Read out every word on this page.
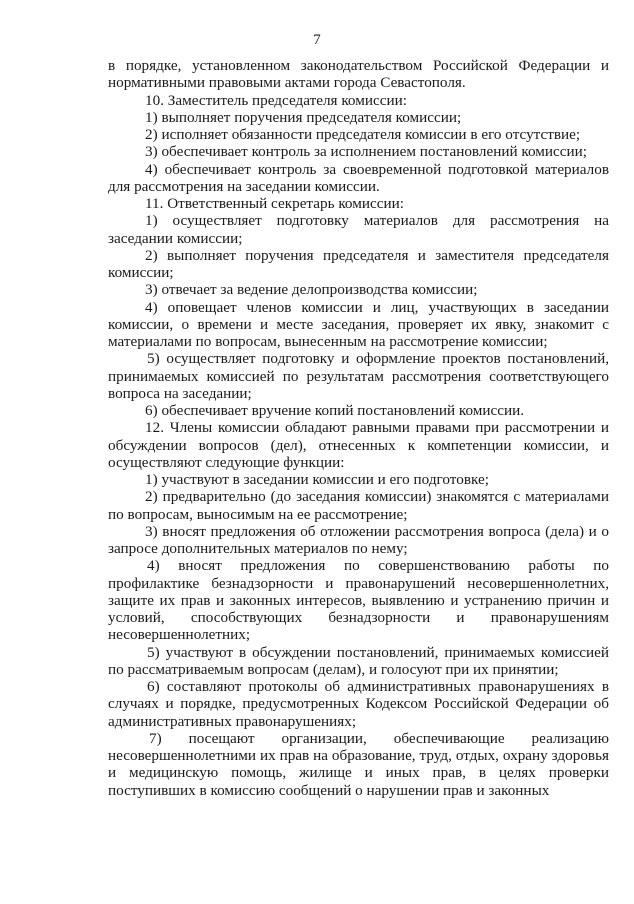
7

в порядке, установленном законодательством Российской Федерации и нормативными правовыми актами города Севастополя.

10. Заместитель председателя комиссии:

1) выполняет поручения председателя комиссии;

2) исполняет обязанности председателя комиссии в его отсутствие;

3) обеспечивает контроль за исполнением постановлений комиссии;

4) обеспечивает контроль за своевременной подготовкой материалов для рассмотрения на заседании комиссии.

11. Ответственный секретарь комиссии:

1) осуществляет подготовку материалов для рассмотрения на заседании комиссии;

2) выполняет поручения председателя и заместителя председателя комиссии;

3) отвечает за ведение делопроизводства комиссии;

4) оповещает членов комиссии и лиц, участвующих в заседании комиссии, о времени и месте заседания, проверяет их явку, знакомит с материалами по вопросам, вынесенным на рассмотрение комиссии;

5) осуществляет подготовку и оформление проектов постановлений, принимаемых комиссией по результатам рассмотрения соответствующего вопроса на заседании;

6) обеспечивает вручение копий постановлений комиссии.

12. Члены комиссии обладают равными правами при рассмотрении и обсуждении вопросов (дел), отнесенных к компетенции комиссии, и осуществляют следующие функции:

1) участвуют в заседании комиссии и его подготовке;

2) предварительно (до заседания комиссии) знакомятся с материалами по вопросам, выносимым на ее рассмотрение;

3) вносят предложения об отложении рассмотрения вопроса (дела) и о запросе дополнительных материалов по нему;

4) вносят предложения по совершенствованию работы по профилактике безнадзорности и правонарушений несовершеннолетних, защите их прав и законных интересов, выявлению и устранению причин и условий, способствующих безнадзорности и правонарушениям несовершеннолетних;

5) участвуют в обсуждении постановлений, принимаемых комиссией по рассматриваемым вопросам (делам), и голосуют при их принятии;

6) составляют протоколы об административных правонарушениях в случаях и порядке, предусмотренных Кодексом Российской Федерации об административных правонарушениях;

7) посещают организации, обеспечивающие реализацию несовершеннолетними их прав на образование, труд, отдых, охрану здоровья и медицинскую помощь, жилище и иных прав, в целях проверки поступивших в комиссию сообщений о нарушении прав и законных
